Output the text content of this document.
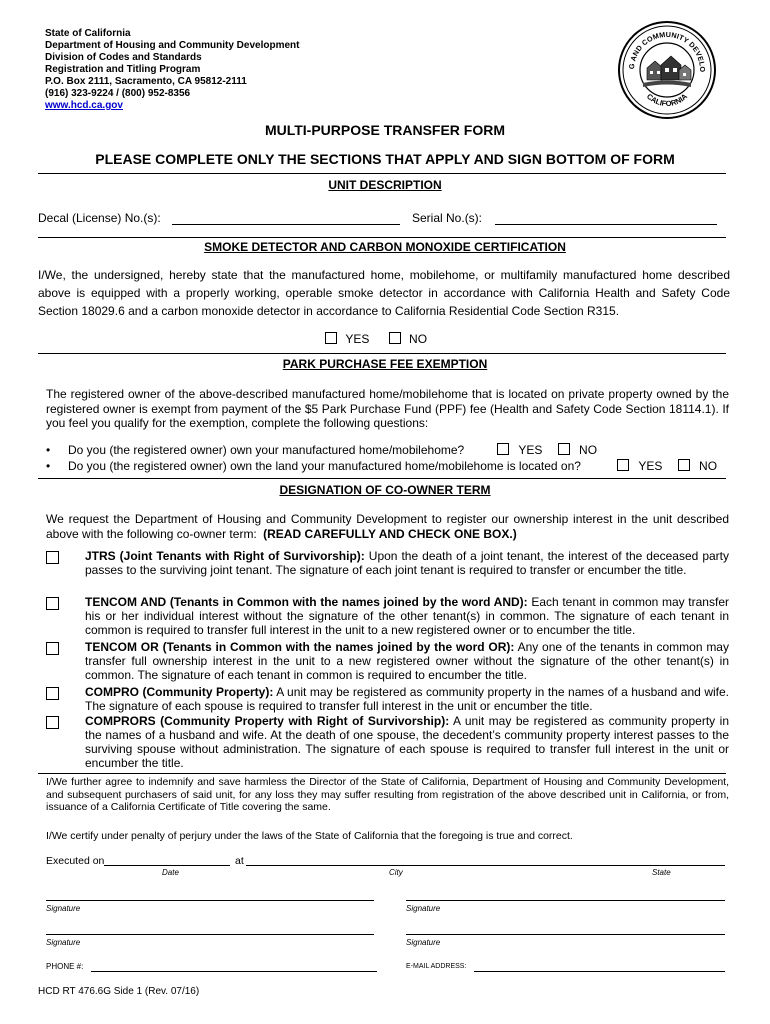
State of California
Department of Housing and Community Development
Division of Codes and Standards
Registration and Titling Program
P.O. Box 2111, Sacramento, CA 95812-2111
(916) 323-9224 / (800) 952-8356
www.hcd.ca.gov
G AND COMMUNITY DEVELO
CALIFORNIA
MULTI-PURPOSE TRANSFER FORM
PLEASE COMPLETE ONLY THE SECTIONS THAT APPLY AND SIGN BOTTOM OF FORM
UNIT DESCRIPTION
Decal (License) No.(s):	Serial No.(s):
SMOKE DETECTOR AND CARBON MONOXIDE CERTIFICATION
I/We, the undersigned, hereby state that the manufactured home, mobilehome, or multifamily manufactured home described above is equipped with a properly working, operable smoke detector in accordance with California Health and Safety Code Section 18029.6 and a carbon monoxide detector in accordance to California Residential Code Section R315.
YES	NO
PARK PURCHASE FEE EXEMPTION
The registered owner of the above-described manufactured home/mobilehome that is located on private property owned by the registered owner is exempt from payment of the $5 Park Purchase Fund (PPF) fee (Health and Safety Code Section 18114.1). If you feel you qualify for the exemption, complete the following questions:
• Do you (the registered owner) own your manufactured home/mobilehome?	YES	NO
• Do you (the registered owner) own the land your manufactured home/mobilehome is located on?	YES	NO
DESIGNATION OF CO-OWNER TERM
We request the Department of Housing and Community Development to register our ownership interest in the unit described above with the following co-owner term: (READ CAREFULLY AND CHECK ONE BOX.)
JTRS (Joint Tenants with Right of Survivorship): Upon the death of a joint tenant, the interest of the deceased party passes to the surviving joint tenant. The signature of each joint tenant is required to transfer or encumber the title.
TENCOM AND (Tenants in Common with the names joined by the word AND): Each tenant in common may transfer his or her individual interest without the signature of the other tenant(s) in common. The signature of each tenant in common is required to transfer full interest in the unit to a new registered owner or to encumber the title.
TENCOM OR (Tenants in Common with the names joined by the word OR): Any one of the tenants in common may transfer full ownership interest in the unit to a new registered owner without the signature of the other tenant(s) in common. The signature of each tenant in common is required to encumber the title.
COMPRO (Community Property): A unit may be registered as community property in the names of a husband and wife. The signature of each spouse is required to transfer full interest in the unit or encumber the title.
COMPRORS (Community Property with Right of Survivorship): A unit may be registered as community property in the names of a husband and wife. At the death of one spouse, the decedent’s community property interest passes to the surviving spouse without administration. The signature of each spouse is required to transfer full interest in the unit or encumber the title.
I/We further agree to indemnify and save harmless the Director of the State of California, Department of Housing and Community Development, and subsequent purchasers of said unit, for any loss they may suffer resulting from registration of the above described unit in California, or from, issuance of a California Certificate of Title covering the same.
I/We certify under penalty of perjury under the laws of the State of California that the foregoing is true and correct.
Executed on	at
Date	City	State
Signature	Signature
Signature	Signature
PHONE #:	E-MAIL ADDRESS:
HCD RT 476.6G Side 1 (Rev. 07/16)
